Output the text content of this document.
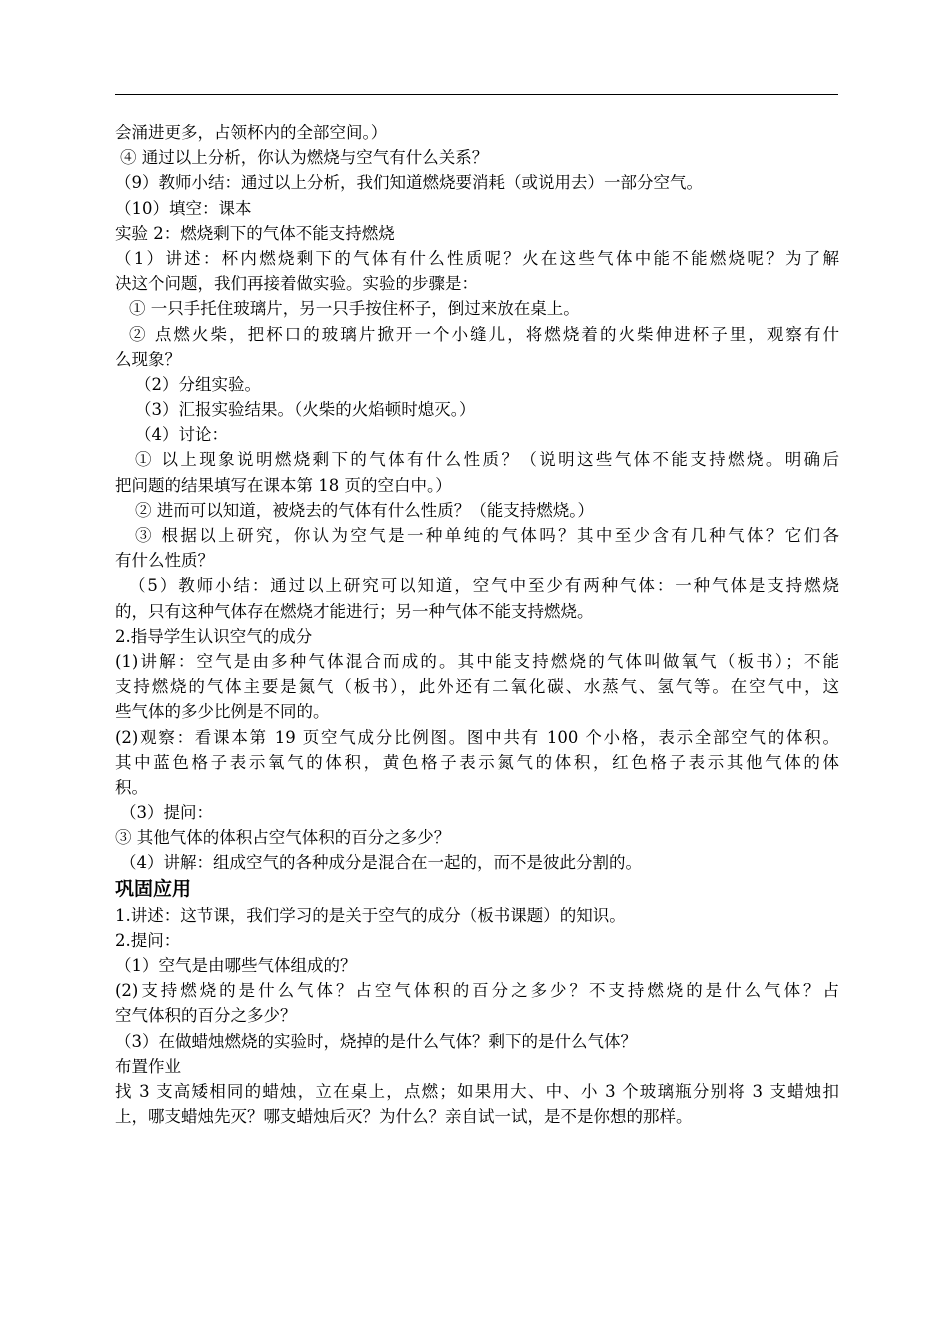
会涌进更多，占领杯内的全部空间。）
④ 通过以上分析，你认为燃烧与空气有什么关系？
（9）教师小结：通过以上分析，我们知道燃烧要消耗（或说用去）一部分空气。
（10）填空：课本
实验 2：燃烧剩下的气体不能支持燃烧
（1）讲述：杯内燃烧剩下的气体有什么性质呢？火在这些气体中能不能燃烧呢？为了解
决这个问题，我们再接着做实验。实验的步骤是：
① 一只手托住玻璃片，另一只手按住杯子，倒过来放在桌上。
② 点燃火柴，把杯口的玻璃片掀开一个小缝儿，将燃烧着的火柴伸进杯子里，观察有什
么现象？
（2）分组实验。
（3）汇报实验结果。（火柴的火焰顿时熄灭。）
（4）讨论：
① 以上现象说明燃烧剩下的气体有什么性质？（说明这些气体不能支持燃烧。明确后
把问题的结果填写在课本第 18 页的空白中。）
② 进而可以知道，被烧去的气体有什么性质？（能支持燃烧。）
③ 根据以上研究，你认为空气是一种单纯的气体吗？其中至少含有几种气体？它们各
有什么性质？
（5）教师小结：通过以上研究可以知道，空气中至少有两种气体：一种气体是支持燃烧
的，只有这种气体存在燃烧才能进行；另一种气体不能支持燃烧。
2.指导学生认识空气的成分
(1)讲解：空气是由多种气体混合而成的。其中能支持燃烧的气体叫做氧气（板书）；不能
支持燃烧的气体主要是氮气（板书），此外还有二氧化碳、水蒸气、氢气等。在空气中，这
些气体的多少比例是不同的。
(2)观察：看课本第 19 页空气成分比例图。图中共有 100 个小格，表示全部空气的体积。
其中蓝色格子表示氧气的体积，黄色格子表示氮气的体积，红色格子表示其他气体的体
积。
（3）提问：
③ 其他气体的体积占空气体积的百分之多少？
（4）讲解：组成空气的各种成分是混合在一起的，而不是彼此分割的。
巩固应用
1.讲述：这节课，我们学习的是关于空气的成分（板书课题）的知识。
2.提问：
（1）空气是由哪些气体组成的？
(2)支持燃烧的是什么气体？占空气体积的百分之多少？不支持燃烧的是什么气体？占
空气体积的百分之多少？
（3）在做蜡烛燃烧的实验时，烧掉的是什么气体？剩下的是什么气体？
布置作业
找 3 支高矮相同的蜡烛，立在桌上，点燃；如果用大、中、小 3 个玻璃瓶分别将 3 支蜡烛扣
上，哪支蜡烛先灭？哪支蜡烛后灭？为什么？亲自试一试，是不是你想的那样。
